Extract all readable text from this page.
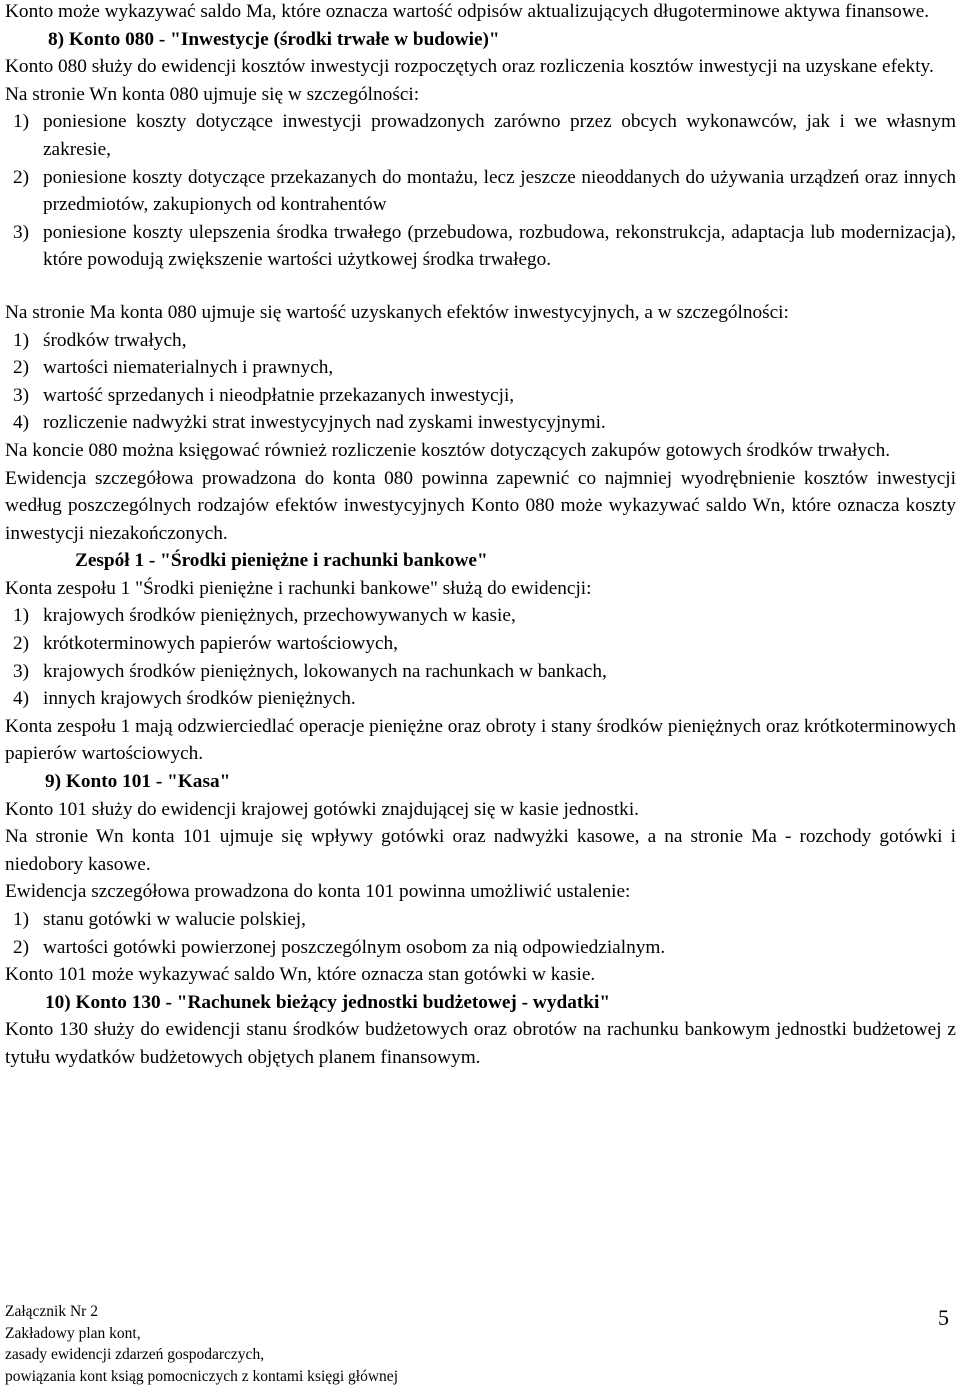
Konto może wykazywać saldo Ma, które oznacza wartość odpisów aktualizujących długoterminowe aktywa finansowe.

8) Konto 080 - "Inwestycje (środki trwałe w budowie)"

Konto 080 służy do ewidencji kosztów inwestycji rozpoczętych oraz rozliczenia kosztów inwestycji na uzyskane efekty.

Na stronie Wn konta 080 ujmuje się w szczególności:

1) poniesione koszty dotyczące inwestycji prowadzonych zarówno przez obcych wykonawców, jak i we własnym zakresie,
2) poniesione koszty dotyczące przekazanych do montażu, lecz jeszcze nieoddanych do używania urządzeń oraz innych przedmiotów, zakupionych od kontrahentów
3) poniesione koszty ulepszenia środka trwałego (przebudowa, rozbudowa, rekonstrukcja, adaptacja lub modernizacja), które powodują zwiększenie wartości użytkowej środka trwałego.

Na stronie Ma konta 080 ujmuje się wartość uzyskanych efektów inwestycyjnych, a w szczególności:

1) środków trwałych,
2) wartości niematerialnych i prawnych,
3) wartość sprzedanych i nieodpłatnie przekazanych inwestycji,
4) rozliczenie nadwyżki strat inwestycyjnych nad zyskami inwestycyjnymi.

Na koncie 080 można księgować również rozliczenie kosztów dotyczących zakupów gotowych środków trwałych.

Ewidencja szczegółowa prowadzona do konta 080 powinna zapewnić co najmniej wyodrębnienie kosztów inwestycji według poszczególnych rodzajów efektów inwestycyjnych Konto 080 może wykazywać saldo Wn, które oznacza koszty inwestycji niezakończonych.

Zespół 1 - "Środki pieniężne i rachunki bankowe"

Konta zespołu 1 "Środki pieniężne i rachunki bankowe" służą do ewidencji:

1) krajowych środków pieniężnych, przechowywanych w kasie,
2) krótkoterminowych papierów wartościowych,
3) krajowych środków pieniężnych, lokowanych na rachunkach w bankach,
4) innych krajowych środków pieniężnych.

Konta zespołu 1 mają odzwierciedlać operacje pieniężne oraz obroty i stany środków pieniężnych oraz krótkoterminowych papierów wartościowych.

9) Konto 101 - "Kasa"

Konto 101 służy do ewidencji krajowej gotówki znajdującej się w kasie jednostki.

Na stronie Wn konta 101 ujmuje się wpływy gotówki oraz nadwyżki kasowe, a na stronie Ma - rozchody gotówki i niedobory kasowe.

Ewidencja szczegółowa prowadzona do konta 101 powinna umożliwić ustalenie:

1) stanu gotówki w walucie polskiej,
2) wartości gotówki powierzonej poszczególnym osobom za nią odpowiedzialnym.

Konto 101 może wykazywać saldo Wn, które oznacza stan gotówki w kasie.

10) Konto 130 - "Rachunek bieżący jednostki budżetowej - wydatki"

Konto 130 służy do ewidencji stanu środków budżetowych oraz obrotów na rachunku bankowym jednostki budżetowej z tytułu wydatków budżetowych objętych planem finansowym.

Załącznik Nr 2
Zakładowy plan kont,
zasady ewidencji zdarzeń gospodarczych,
powiązania kont ksiąg pomocniczych z kontami księgi głównej
5
